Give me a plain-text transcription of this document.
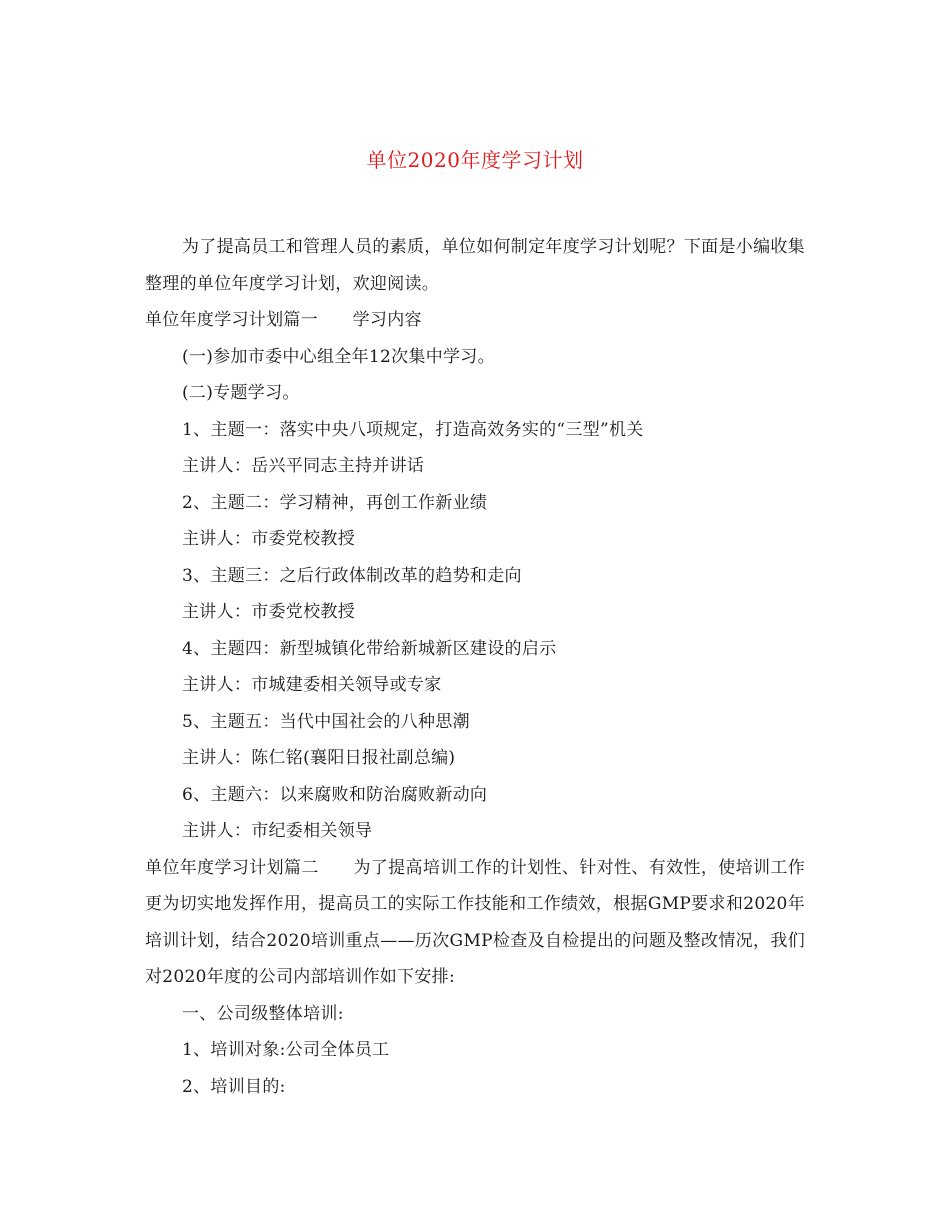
单位2020年度学习计划

为了提高员工和管理人员的素质，单位如何制定年度学习计划呢？下面是小编收集整理的单位年度学习计划，欢迎阅读。

单位年度学习计划篇一　　学习内容

(一)参加市委中心组全年12次集中学习。

(二)专题学习。

1、主题一：落实中央八项规定，打造高效务实的“三型”机关

主讲人：岳兴平同志主持并讲话

2、主题二：学习精神，再创工作新业绩

主讲人：市委党校教授

3、主题三：之后行政体制改革的趋势和走向

主讲人：市委党校教授

4、主题四：新型城镇化带给新城新区建设的启示

主讲人：市城建委相关领导或专家

5、主题五：当代中国社会的八种思潮

主讲人：陈仁铭(襄阳日报社副总编)

6、主题六：以来腐败和防治腐败新动向

主讲人：市纪委相关领导

单位年度学习计划篇二　　为了提高培训工作的计划性、针对性、有效性，使培训工作更为切实地发挥作用，提高员工的实际工作技能和工作绩效，根据GMP要求和2020年培训计划，结合2020培训重点——历次GMP检查及自检提出的问题及整改情况，我们对2020年度的公司内部培训作如下安排:

一、公司级整体培训:

1、培训对象:公司全体员工

2、培训目的:
